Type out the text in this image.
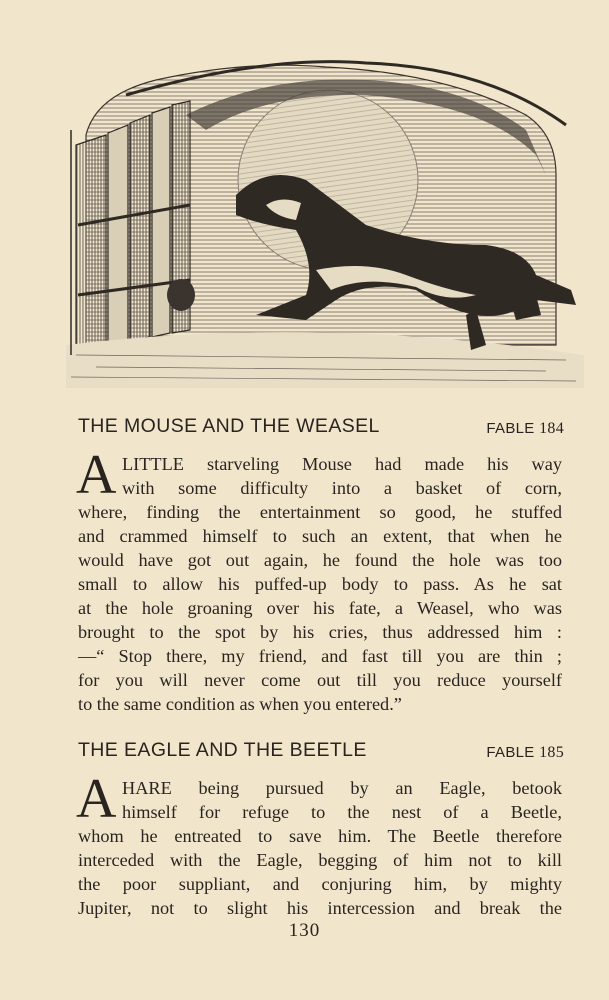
THE MOUSE AND THE WEASEL	FABLE 184
A LITTLE starveling Mouse had made his way
with some difficulty into a basket of corn,
where, finding the entertainment so good, he stuffed
and crammed himself to such an extent, that when he
would have got out again, he found the hole was too
small to allow his puffed-up body to pass. As he sat
at the hole groaning over his fate, a Weasel, who was
brought to the spot by his cries, thus addressed him :
—“ Stop there, my friend, and fast till you are thin ;
for you will never come out till you reduce yourself
to the same condition as when you entered.”
THE EAGLE AND THE BEETLE	FABLE 185
A HARE being pursued by an Eagle, betook
himself for refuge to the nest of a Beetle,
whom he entreated to save him. The Beetle therefore
interceded with the Eagle, begging of him not to kill
the poor suppliant, and conjuring him, by mighty
Jupiter, not to slight his intercession and break the
130
